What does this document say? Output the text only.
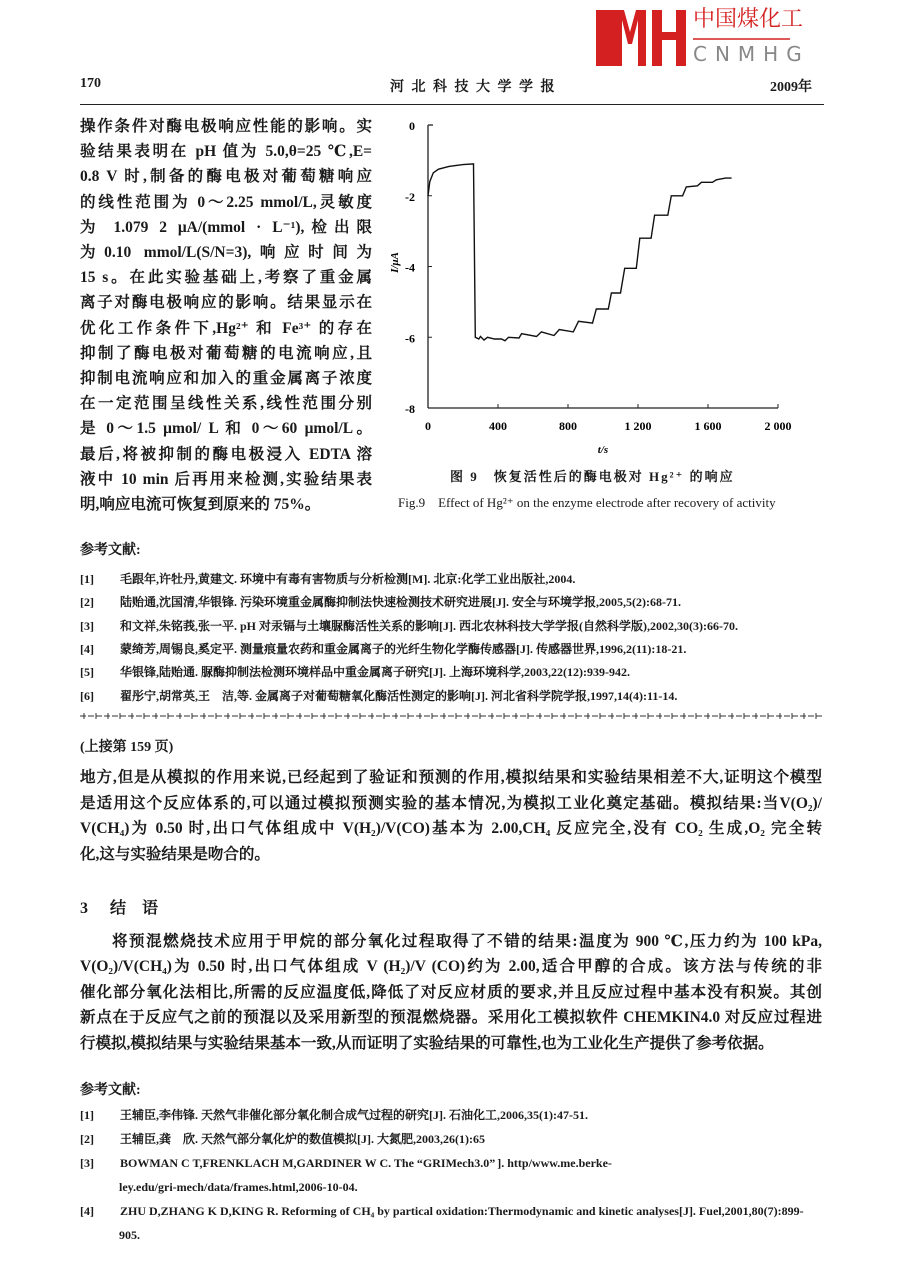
170	河 北 科 技 大 学 学 报	2009年
操作条件对酶电极响应性能的影响。实
验结果表明在 pH 值为 5.0,θ=25 ℃,E=
0.8 V 时,制备的酶电极对葡萄糖响应
的线性范围为 0～2.25 mmol/L,灵敏度
为 1.079 2 μA/(mmol · L⁻¹),检出限
为0.10 mmol/L(S/N=3),响应时间为
15 s。在此实验基础上,考察了重金属
离子对酶电极响应的影响。结果显示在
优化工作条件下,Hg²⁺ 和 Fe³⁺ 的存在
抑制了酶电极对葡萄糖的电流响应,且
抑制电流响应和加入的重金属离子浓度
在一定范围呈线性关系,线性范围分别
是 0～1.5 μmol/ L 和 0～60 μmol/L。
最后,将被抑制的酶电极浸入 EDTA 溶
液中 10 min 后再用来检测,实验结果表
明,响应电流可恢复到原来的 75%。
0	400	800	1 200	1 600	2 000
0
-2
-4
-6
-8
t/s
I/μA
图 9　恢复活性后的酶电极对 Hg²⁺ 的响应
Fig.9　Effect of Hg²⁺ on the enzyme electrode after recovery of activity
参考文献:
[1] 毛跟年,许牡丹,黄建文. 环境中有毒有害物质与分析检测[M]. 北京:化学工业出版社,2004.
[2] 陆贻通,沈国清,华银锋. 污染环境重金属酶抑制法快速检测技术研究进展[J]. 安全与环境学报,2005,5(2):68-71.
[3] 和文祥,朱铭莪,张一平. pH 对汞镉与土壤脲酶活性关系的影响[J]. 西北农林科技大学学报(自然科学版),2002,30(3):66-70.
[4] 蒙绮芳,周锡良,奚定平. 测量痕量农药和重金属离子的光纤生物化学酶传感器[J]. 传感器世界,1996,2(11):18-21.
[5] 华银锋,陆贻通. 脲酶抑制法检测环境样品中重金属离子研究[J]. 上海环境科学,2003,22(12):939-942.
[6] 翟彤宁,胡常英,王　洁,等. 金属离子对葡萄糖氧化酶活性测定的影响[J]. 河北省科学院学报,1997,14(4):11-14.
(上接第 159 页)
地方,但是从模拟的作用来说,已经起到了验证和预测的作用,模拟结果和实验结果相差不大,证明这个模型
是适用这个反应体系的,可以通过模拟预测实验的基本情况,为模拟工业化奠定基础。模拟结果:当V(O₂)/
V(CH₄)为 0.50 时,出口气体组成中 V(H₂)/V(CO)基本为 2.00,CH₄ 反应完全,没有 CO₂ 生成,O₂ 完全转
化,这与实验结果是吻合的。
3 结　语
将预混燃烧技术应用于甲烷的部分氧化过程取得了不错的结果:温度为 900 ℃,压力约为 100 kPa,
V(O₂)/V(CH₄)为 0.50 时,出口气体组成 V (H₂)/V (CO)约为 2.00,适合甲醇的合成。该方法与传统的非
催化部分氧化法相比,所需的反应温度低,降低了对反应材质的要求,并且反应过程中基本没有积炭。其创
新点在于反应气之前的预混以及采用新型的预混燃烧器。采用化工模拟软件 CHEMKIN4.0 对反应过程进
行模拟,模拟结果与实验结果基本一致,从而证明了实验结果的可靠性,也为工业化生产提供了参考依据。
参考文献:
[1] 王辅臣,李伟锋. 天然气非催化部分氧化制合成气过程的研究[J]. 石油化工,2006,35(1):47-51.
[2] 王辅臣,龚　欣. 天然气部分氧化炉的数值模拟[J]. 大氮肥,2003,26(1):65
[3] BOWMAN C T,FRENKLACH M,GARDINER W C. The “GRIMech3.0” ]. http/www.me.berke-
ley.edu/gri-mech/data/frames.html,2006-10-04.
[4] ZHU D,ZHANG K D,KING R. Reforming of CH₄ by partical oxidation:Thermodynamic and kinetic analyses[J]. Fuel,2001,80(7):899-
905.
中国煤化工
CNMHG
